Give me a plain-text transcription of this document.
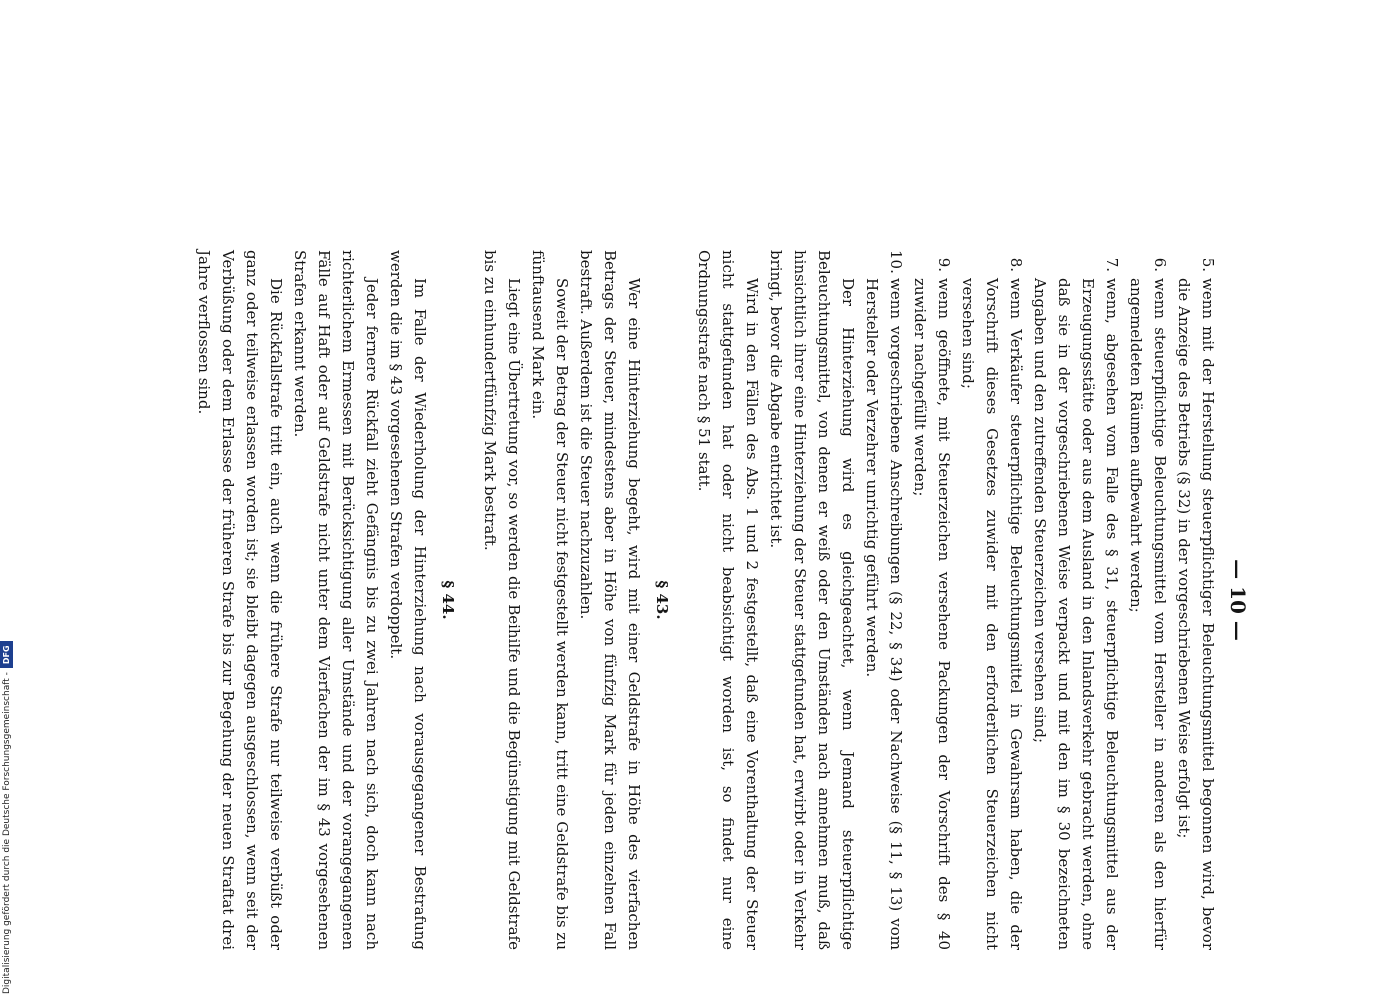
— 10 —
5.
wenn mit der Herstellung steuerpflichtiger Beleuchtungsmittel begonnen wird, bevor die Anzeige des Betriebs (§ 32) in der vorgeschriebenen Weise erfolgt ist;
6.
wenn steuerpflichtige Beleuchtungsmittel vom Hersteller in anderen als den hierfür angemeldeten Räumen aufbewahrt werden;
7.
wenn, abgesehen vom Falle des § 31, steuerpflichtige Beleuchtungsmittel aus der Erzeugungsstätte oder aus dem Ausland in den Inlandsverkehr gebracht werden, ohne daß sie in der vorgeschriebenen Weise verpackt und mit den im § 30 bezeichneten Angaben und den zutreffenden Steuerzeichen versehen sind;
8.
wenn Verkäufer steuerpflichtige Beleuchtungsmittel in Gewahrsam haben, die der Vorschrift dieses Gesetzes zuwider mit den erforderlichen Steuerzeichen nicht versehen sind;
9.
wenn geöffnete, mit Steuerzeichen versehene Packungen der Vorschrift des § 40 zuwider nachgefüllt werden;
10.
wenn vorgeschriebene Anschreibungen (§ 22, § 34) oder Nachweise (§ 11, § 13) vom Hersteller oder Verzehrer unrichtig geführt werden.

Der Hinterziehung wird es gleichgeachtet, wenn Jemand steuerpflichtige Beleuchtungsmittel, von denen er weiß oder den Umständen nach annehmen muß, daß hinsichtlich ihrer eine Hinterziehung der Steuer stattgefunden hat, erwirbt oder in Verkehr bringt, bevor die Abgabe entrichtet ist.

Wird in den Fällen des Abs. 1 und 2 festgestellt, daß eine Vorenthaltung der Steuer nicht stattgefunden hat oder nicht beabsichtigt worden ist, so findet nur eine Ordnungsstrafe nach § 51 statt.

§ 43.

Wer eine Hinterziehung begeht, wird mit einer Geldstrafe in Höhe des vierfachen Betrags der Steuer, mindestens aber in Höhe von fünfzig Mark für jeden einzelnen Fall bestraft. Außerdem ist die Steuer nachzuzahlen.

Soweit der Betrag der Steuer nicht festgestellt werden kann, tritt eine Geldstrafe bis zu fünftausend Mark ein.

Liegt eine Übertretung vor, so werden die Beihilfe und die Begünstigung mit Geldstrafe bis zu einhundertfünfzig Mark bestraft.

§ 44.

Im Falle der Wiederholung der Hinterziehung nach vorausgegangener Bestrafung werden die im § 43 vorgesehenen Strafen verdoppelt.

Jeder fernere Rückfall zieht Gefängnis bis zu zwei Jahren nach sich, doch kann nach richterlichem Ermessen mit Berücksichtigung aller Umstände und der vorangegangenen Fälle auf Haft oder auf Geldstrafe nicht unter dem Vierfachen der im § 43 vorgesehenen Strafen erkannt werden.

Die Rückfallstrafe tritt ein, auch wenn die frühere Strafe nur teilweise verbüßt oder ganz oder teilweise erlassen worden ist; sie bleibt dagegen ausgeschlossen, wenn seit der Verbüßung oder dem Erlasse der früheren Strafe bis zur Begehung der neuen Straftat drei Jahre verflossen sind.

Digitalisierung gefördert durch die Deutsche Forschungsgemeinschaft -
DFG
